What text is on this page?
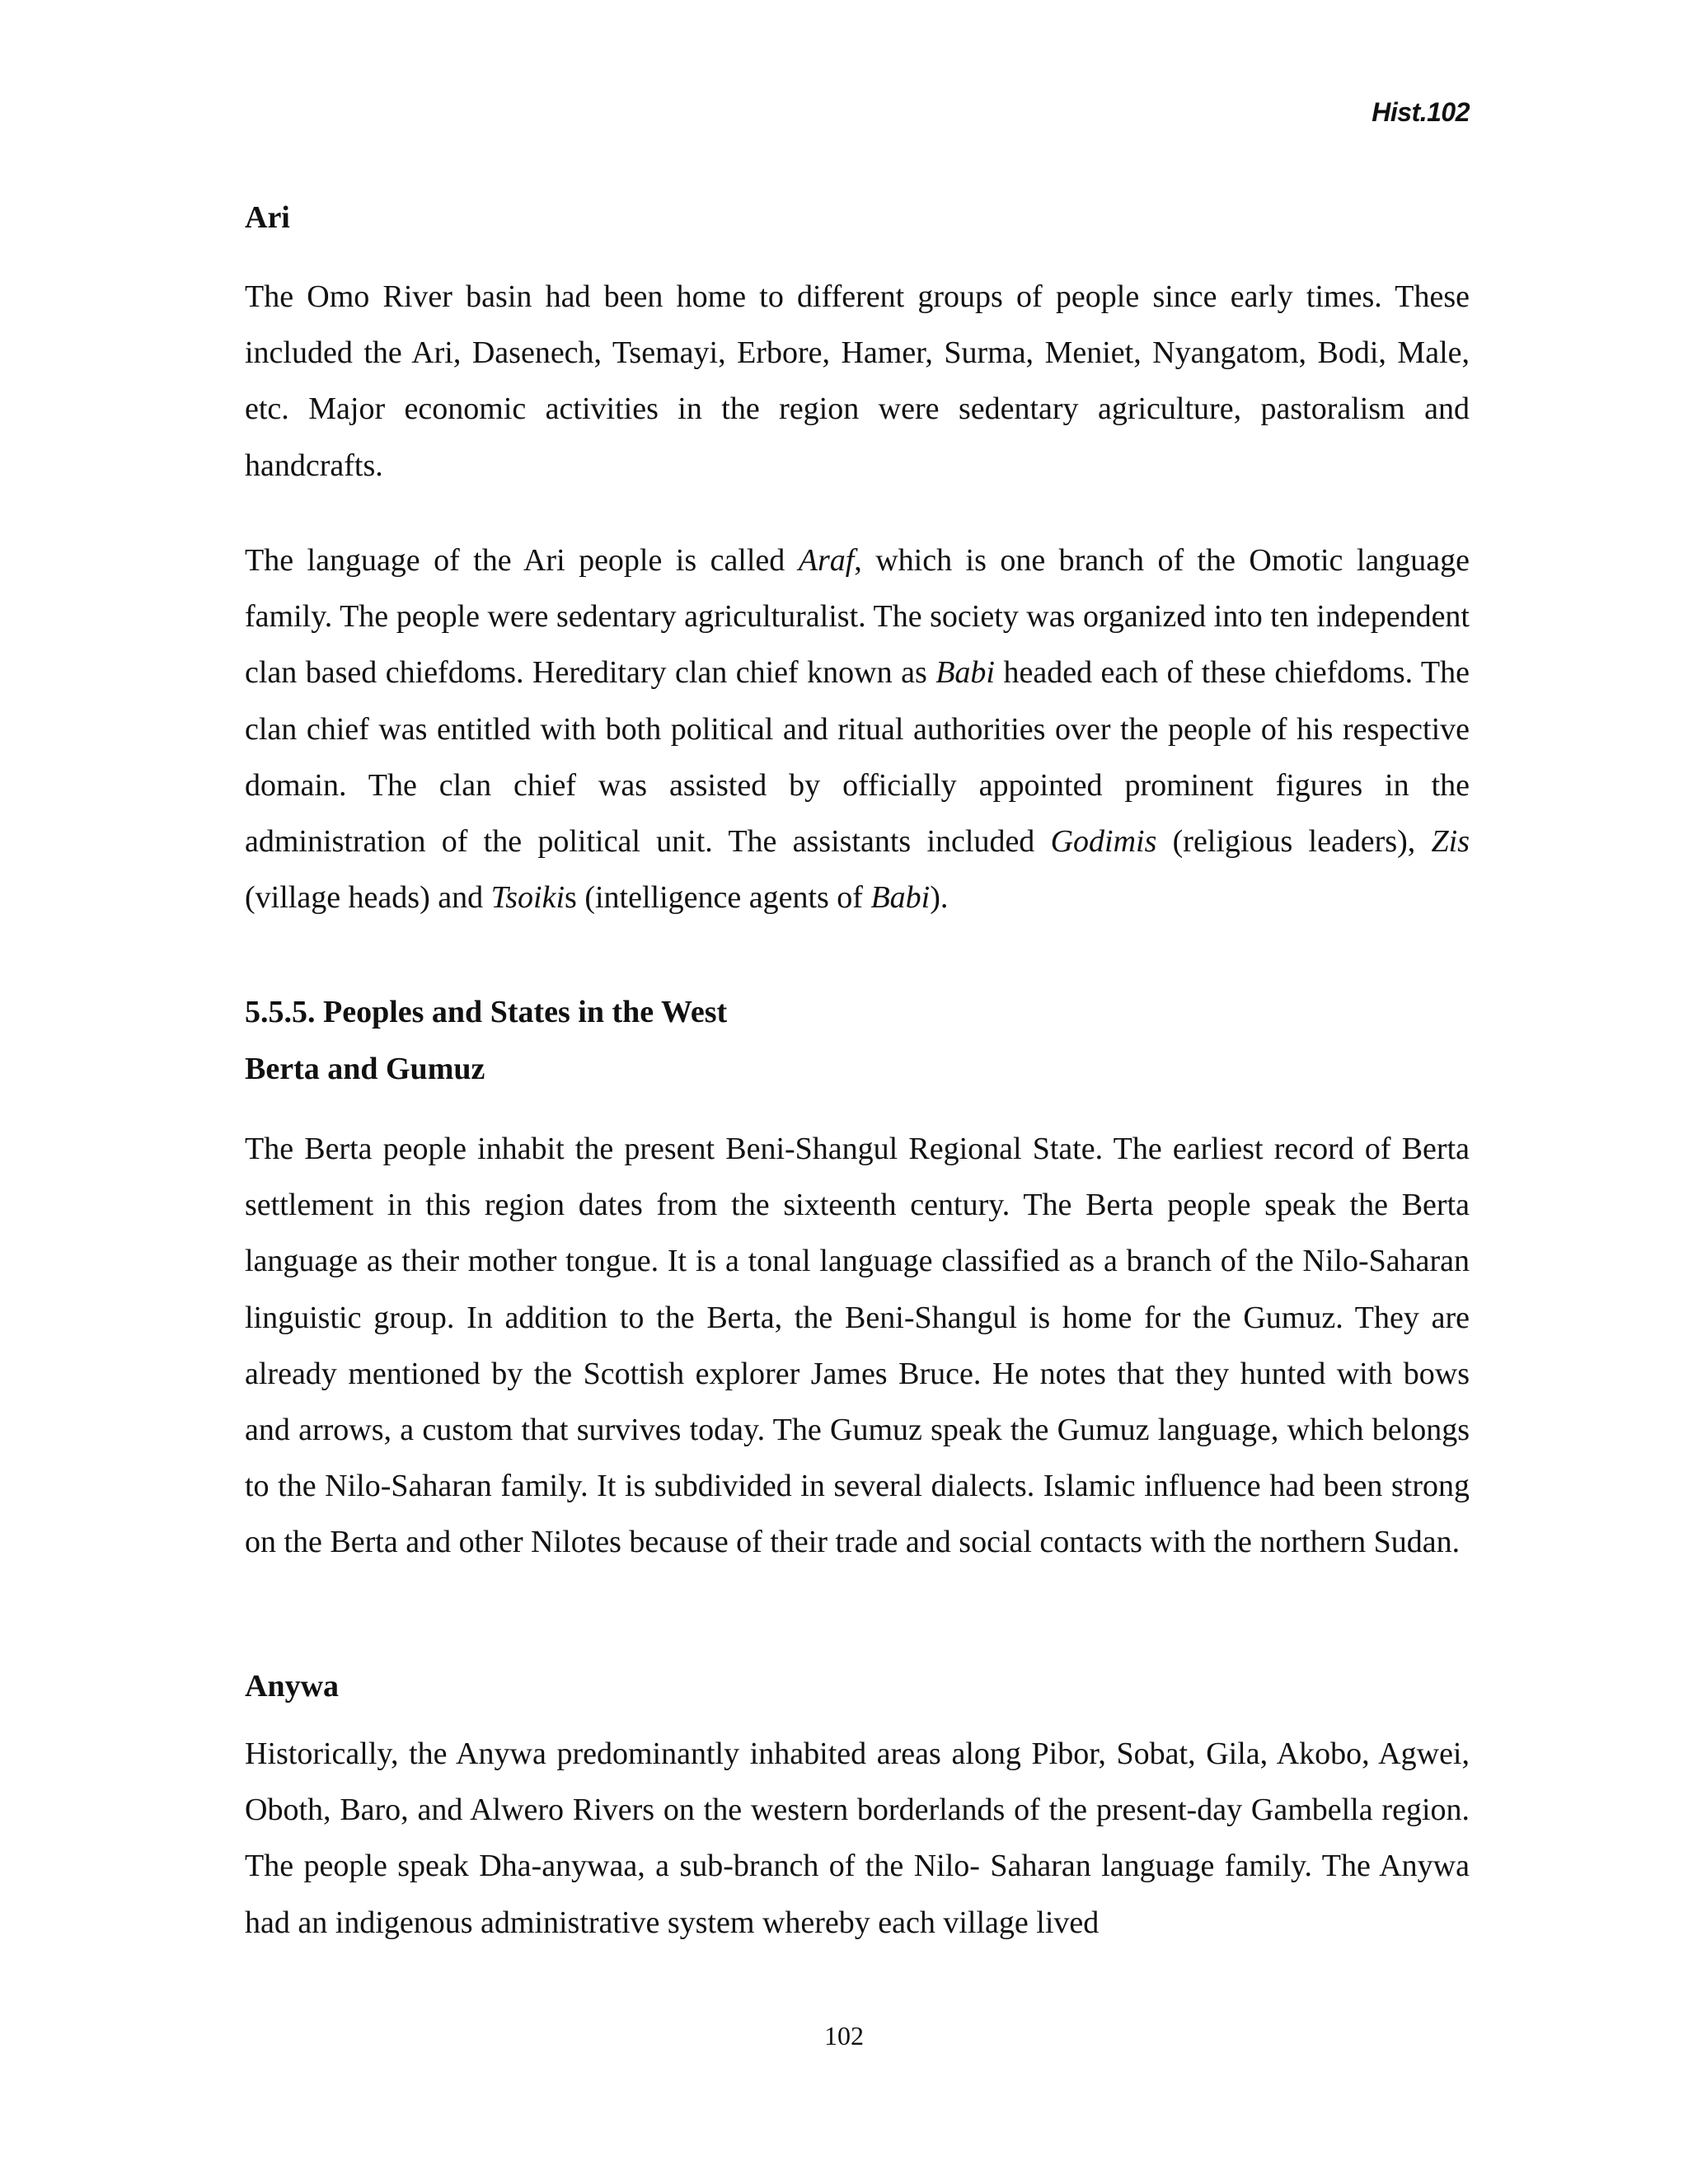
Hist.102
Ari

The Omo River basin had been home to different groups of people since early times. These included the Ari, Dasenech, Tsemayi, Erbore, Hamer, Surma, Meniet, Nyangatom, Bodi, Male, etc. Major economic activities in the region were sedentary agriculture, pastoralism and handcrafts.

The language of the Ari people is called Araf, which is one branch of the Omotic language family. The people were sedentary agriculturalist. The society was organized into ten independent clan based chiefdoms. Hereditary clan chief known as Babi headed each of these chiefdoms. The clan chief was entitled with both political and ritual authorities over the people of his respective domain. The clan chief was assisted by officially appointed prominent figures in the administration of the political unit. The assistants included Godimis (religious leaders), Zis (village heads) and Tsoikis (intelligence agents of Babi).

5.5.5. Peoples and States in the West
Berta and Gumuz

The Berta people inhabit the present Beni-Shangul Regional State. The earliest record of Berta settlement in this region dates from the sixteenth century. The Berta people speak the Berta language as their mother tongue. It is a tonal language classified as a branch of the Nilo-Saharan linguistic group. In addition to the Berta, the Beni-Shangul is home for the Gumuz. They are already mentioned by the Scottish explorer James Bruce. He notes that they hunted with bows and arrows, a custom that survives today. The Gumuz speak the Gumuz language, which belongs to the Nilo-Saharan family. It is subdivided in several dialects. Islamic influence had been strong on the Berta and other Nilotes because of their trade and social contacts with the northern Sudan.

Anywa

Historically, the Anywa predominantly inhabited areas along Pibor, Sobat, Gila, Akobo, Agwei, Oboth, Baro, and Alwero Rivers on the western borderlands of the present-day Gambella region. The people speak Dha-anywaa, a sub-branch of the Nilo- Saharan language family. The Anywa had an indigenous administrative system whereby each village lived

102
